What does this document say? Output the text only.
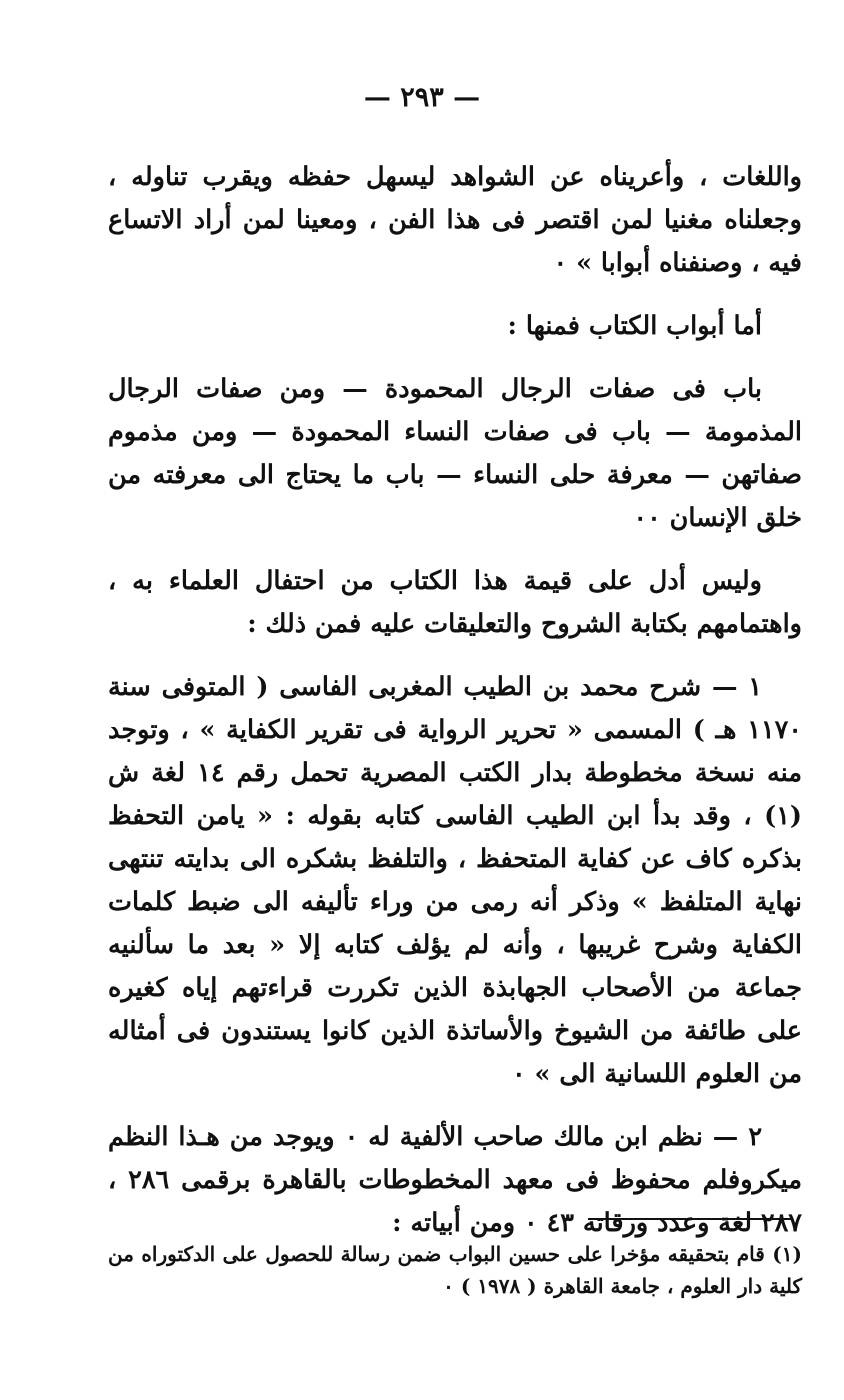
— ٢٩٣ —

واللغات ، وأعريناه عن الشواهد ليسهل حفظه ويقرب تناوله ، وجعلناه مغنيا لمن اقتصر فى هذا الفن ، ومعينا لمن أراد الاتساع فيه ، وصنفناه أبوابا » ٠

أما أبواب الكتاب فمنها :

باب فى صفات الرجال المحمودة — ومن صفات الرجال المذمومة — باب فى صفات النساء المحمودة — ومن مذموم صفاتهن — معرفة حلى النساء — باب ما يحتاج الى معرفته من خلق الإنسان ٠٠

وليس أدل على قيمة هذا الكتاب من احتفال العلماء به ، واهتمامهم بكتابة الشروح والتعليقات عليه فمن ذلك :

١ — شرح محمد بن الطيب المغربى الفاسى ( المتوفى سنة ١١٧٠ هـ ) المسمى « تحرير الرواية فى تقرير الكفاية » ، وتوجد منه نسخة مخطوطة بدار الكتب المصرية تحمل رقم ١٤ لغة ش (١) ، وقد بدأ ابن الطيب الفاسى كتابه بقوله : « يامن التحفظ بذكره كاف عن كفاية المتحفظ ، والتلفظ بشكره الى بدايته تنتهى نهاية المتلفظ » وذكر أنه رمى من وراء تأليفه الى ضبط كلمات الكفاية وشرح غريبها ، وأنه لم يؤلف كتابه إلا « بعد ما سألنيه جماعة من الأصحاب الجهابذة الذين تكررت قراءتهم إياه كغيره على طائفة من الشيوخ والأساتذة الذين كانوا يستندون فى أمثاله من العلوم اللسانية الى » ٠

٢ — نظم ابن مالك صاحب الألفية له ٠ ويوجد من هـذا النظم ميكروفلم محفوظ فى معهد المخطوطات بالقاهرة برقمى ٢٨٦ ، ٢٨٧ لغة وعدد ورقاته ٤٣ ٠ ومن أبياته :

(١) قام بتحقيقه مؤخرا على حسين البواب ضمن رسالة للحصول على الدكتوراه من كلية دار العلوم ، جامعة القاهرة ( ١٩٧٨ ) ٠
